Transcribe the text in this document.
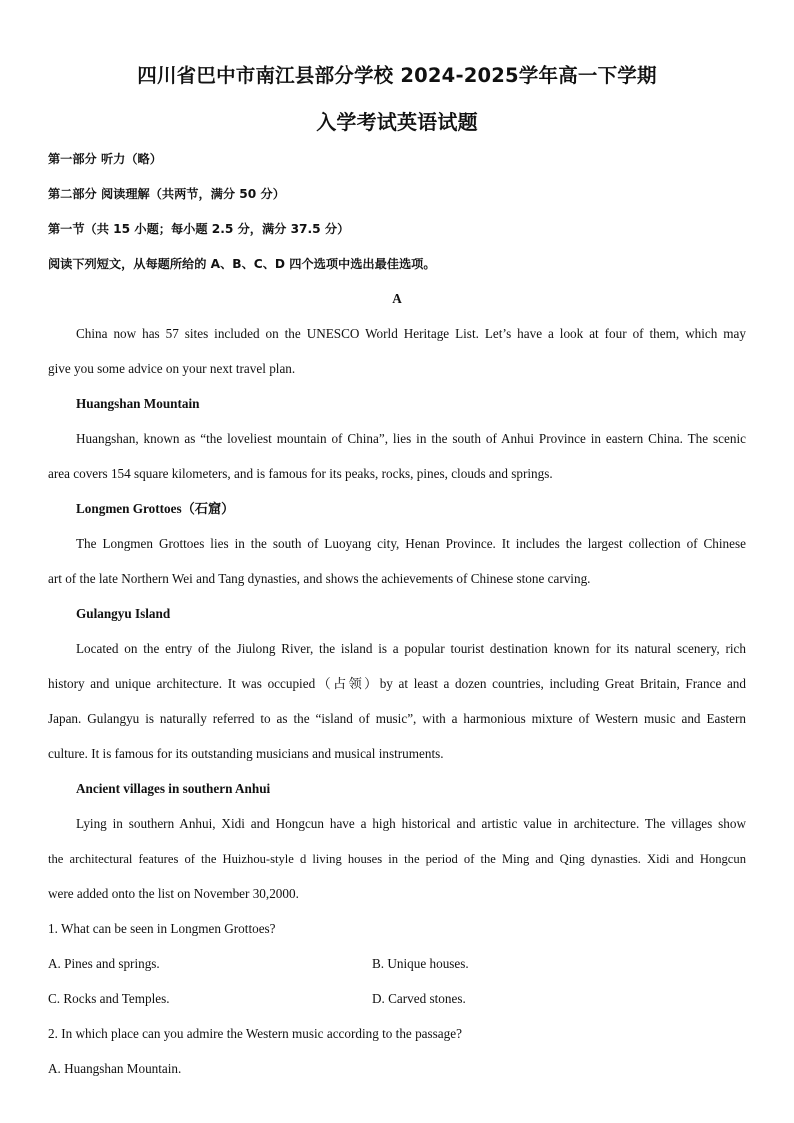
四川省巴中市南江县部分学校 2024-2025学年高一下学期
入学考试英语试题
第一部分 听力（略）
第二部分 阅读理解（共两节，满分 50 分）
第一节（共 15 小题；每小题 2.5 分，满分 37.5 分）
阅读下列短文，从每题所给的 A、B、C、D 四个选项中选出最佳选项。
A
China now has 57 sites included on the UNESCO World Heritage List. Let’s have a look at four of them, which may
give you some advice on your next travel plan.
Huangshan Mountain
Huangshan, known as “the loveliest mountain of China”, lies in the south of Anhui Province in eastern China. The scenic
area covers 154 square kilometers, and is famous for its peaks, rocks, pines, clouds and springs.
Longmen Grottoes（石窟）
The Longmen Grottoes lies in the south of Luoyang city, Henan Province. It includes the largest collection of Chinese
art of the late Northern Wei and Tang dynasties, and shows the achievements of Chinese stone carving.
Gulangyu Island
Located on the entry of the Jiulong River, the island is a popular tourist destination known for its natural scenery, rich
history and unique architecture. It was occupied（占领）by at least a dozen countries, including Great Britain, France and
Japan. Gulangyu is naturally referred to as the “island of music”, with a harmonious mixture of Western music and Eastern
culture. It is famous for its outstanding musicians and musical instruments.
Ancient villages in southern Anhui
Lying in southern Anhui, Xidi and Hongcun have a high historical and artistic value in architecture. The villages show
the architectural features of the Huizhou-style d living houses in the period of the Ming and Qing dynasties. Xidi and Hongcun
were added onto the list on November 30,2000.
1. What can be seen in Longmen Grottoes?
A. Pines and springs.	B. Unique houses.
C. Rocks and Temples.	D. Carved stones.
2. In which place can you admire the Western music according to the passage?
A. Huangshan Mountain.
